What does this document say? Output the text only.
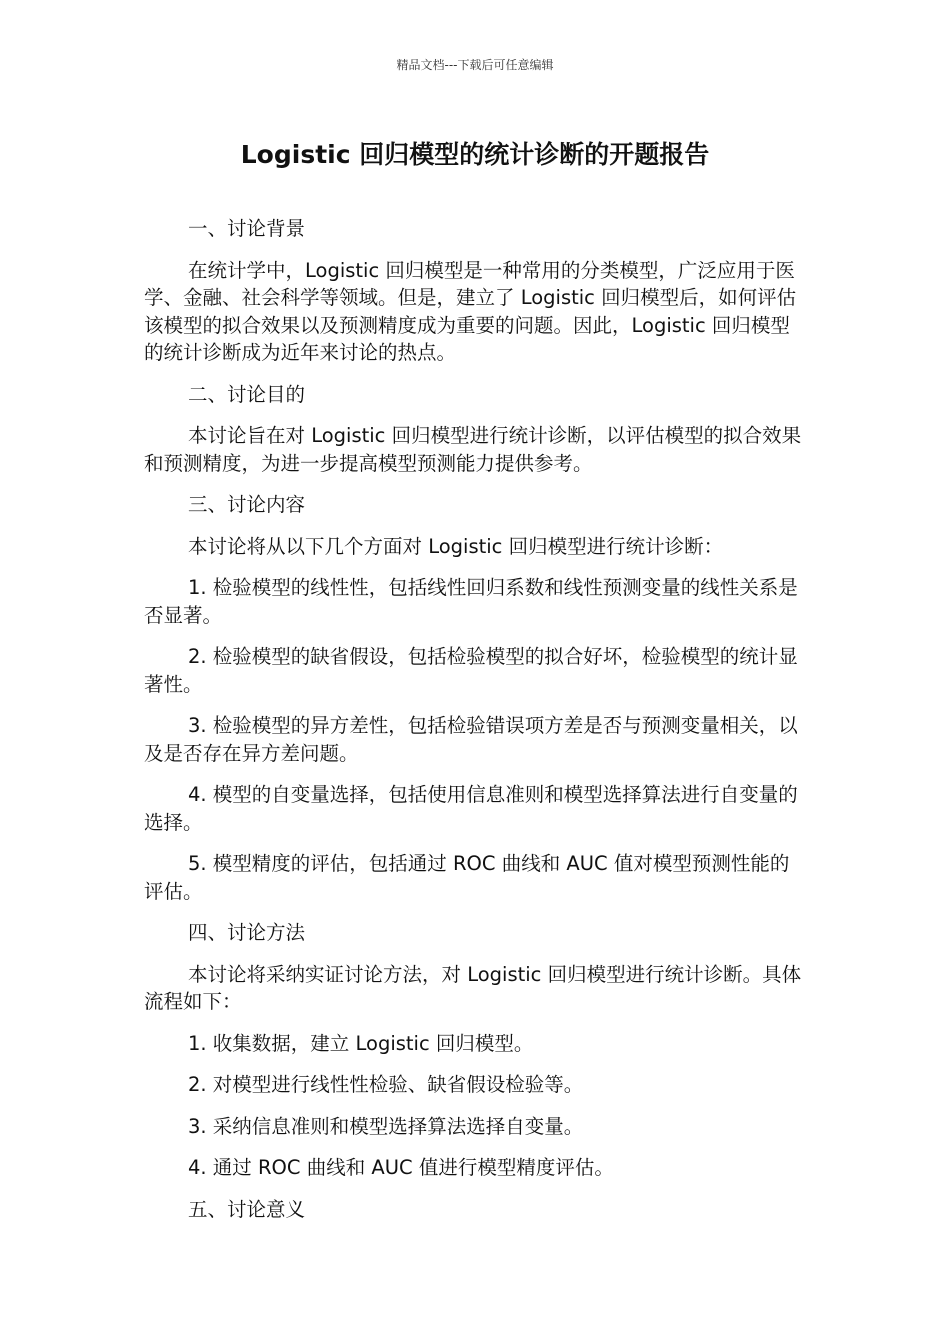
精品文档---下载后可任意编辑
Logistic 回归模型的统计诊断的开题报告

一、讨论背景

在统计学中，Logistic 回归模型是一种常用的分类模型，广泛应用于医学、金融、社会科学等领域。但是，建立了 Logistic 回归模型后，如何评估该模型的拟合效果以及预测精度成为重要的问题。因此，Logistic 回归模型的统计诊断成为近年来讨论的热点。

二、讨论目的

本讨论旨在对 Logistic 回归模型进行统计诊断，以评估模型的拟合效果和预测精度，为进一步提高模型预测能力提供参考。

三、讨论内容

本讨论将从以下几个方面对 Logistic 回归模型进行统计诊断：

1. 检验模型的线性性，包括线性回归系数和线性预测变量的线性关系是否显著。

2. 检验模型的缺省假设，包括检验模型的拟合好坏，检验模型的统计显著性。

3. 检验模型的异方差性，包括检验错误项方差是否与预测变量相关，以及是否存在异方差问题。

4. 模型的自变量选择，包括使用信息准则和模型选择算法进行自变量的选择。

5. 模型精度的评估，包括通过 ROC 曲线和 AUC 值对模型预测性能的评估。

四、讨论方法

本讨论将采纳实证讨论方法，对 Logistic 回归模型进行统计诊断。具体流程如下：

1. 收集数据，建立 Logistic 回归模型。

2. 对模型进行线性性检验、缺省假设检验等。

3. 采纳信息准则和模型选择算法选择自变量。

4. 通过 ROC 曲线和 AUC 值进行模型精度评估。

五、讨论意义
